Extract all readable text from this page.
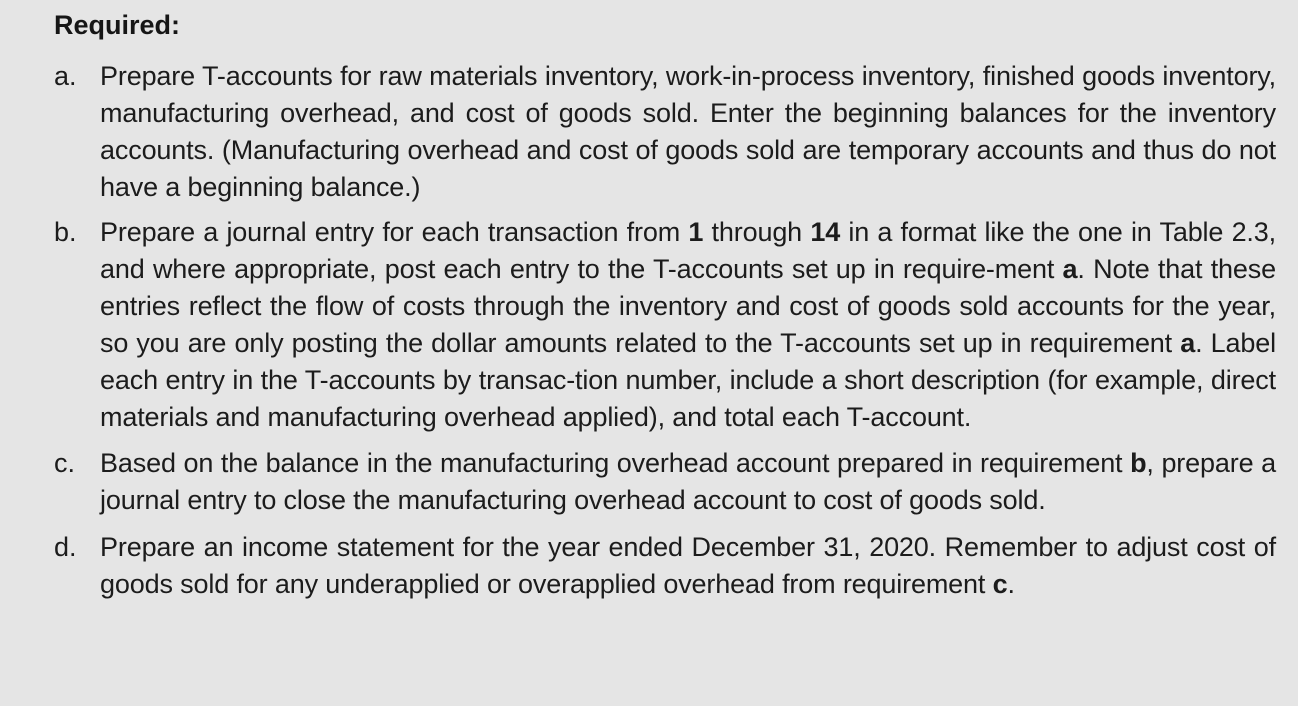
Required:
a. Prepare T-accounts for raw materials inventory, work-in-process inventory, finished goods inventory, manufacturing overhead, and cost of goods sold. Enter the beginning balances for the inventory accounts. (Manufacturing overhead and cost of goods sold are temporary accounts and thus do not have a beginning balance.)
b. Prepare a journal entry for each transaction from 1 through 14 in a format like the one in Table 2.3, and where appropriate, post each entry to the T-accounts set up in require-ment a. Note that these entries reflect the flow of costs through the inventory and cost of goods sold accounts for the year, so you are only posting the dollar amounts related to the T-accounts set up in requirement a. Label each entry in the T-accounts by transac-tion number, include a short description (for example, direct materials and manufacturing overhead applied), and total each T-account.
c. Based on the balance in the manufacturing overhead account prepared in requirement b, prepare a journal entry to close the manufacturing overhead account to cost of goods sold.
d. Prepare an income statement for the year ended December 31, 2020. Remember to adjust cost of goods sold for any underapplied or overapplied overhead from requirement c.
